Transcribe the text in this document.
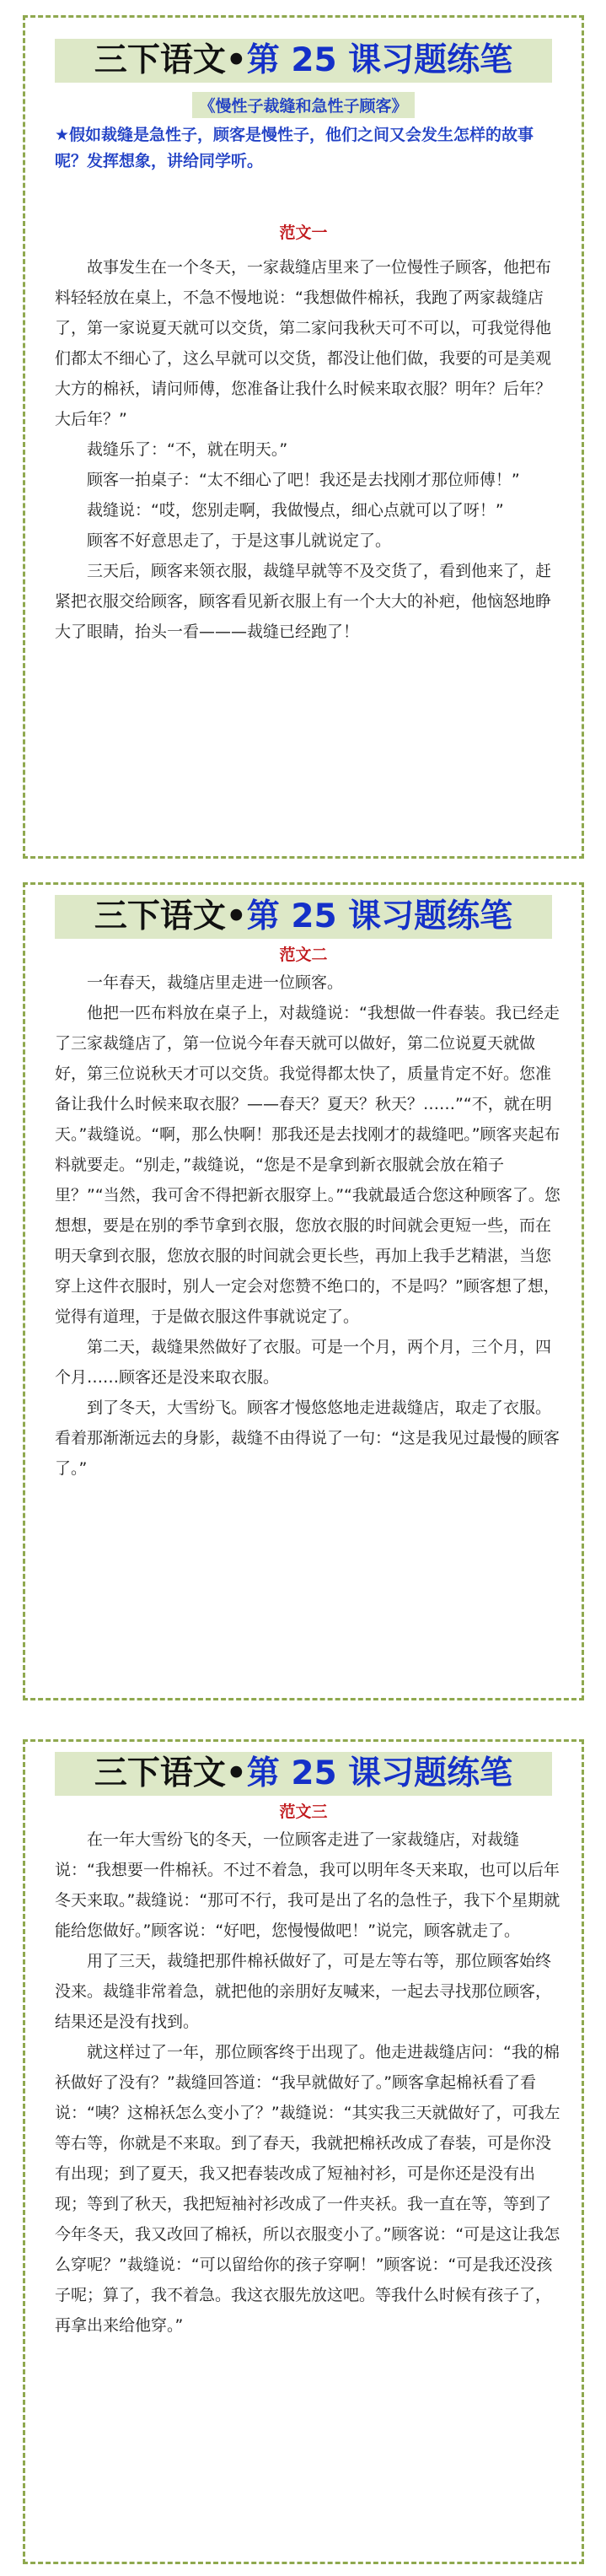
三下语文•第 25 课习题练笔
《慢性子裁缝和急性子顾客》
★假如裁缝是急性子，顾客是慢性子，他们之间又会发生怎样的故事呢？发挥想象，讲给同学听。
范文一

故事发生在一个冬天，一家裁缝店里来了一位慢性子顾客，他把布料轻轻放在桌上，不急不慢地说：“我想做件棉袄，我跑了两家裁缝店了，第一家说夏天就可以交货，第二家问我秋天可不可以，可我觉得他们都太不细心了，这么早就可以交货，都没让他们做，我要的可是美观大方的棉袄，请问师傅，您准备让我什么时候来取衣服？明年？后年？大后年？”

裁缝乐了：“不，就在明天。”

顾客一拍桌子：“太不细心了吧！我还是去找刚才那位师傅！”

裁缝说：“哎，您别走啊，我做慢点，细心点就可以了呀！”

顾客不好意思走了，于是这事儿就说定了。

三天后，顾客来领衣服，裁缝早就等不及交货了，看到他来了，赶紧把衣服交给顾客，顾客看见新衣服上有一个大大的补疤，他恼怒地睁大了眼睛，抬头一看———裁缝已经跑了！

三下语文•第 25 课习题练笔
范文二

一年春天，裁缝店里走进一位顾客。

他把一匹布料放在桌子上，对裁缝说：“我想做一件春装。我已经走了三家裁缝店了，第一位说今年春天就可以做好，第二位说夏天就做好，第三位说秋天才可以交货。我觉得都太快了，质量肯定不好。您准备让我什么时候来取衣服？——春天？夏天？秋天？……”“不，就在明天。”裁缝说。“啊，那么快啊！那我还是去找刚才的裁缝吧。”顾客夹起布料就要走。“别走，”裁缝说，“您是不是拿到新衣服就会放在箱子里？”“当然，我可舍不得把新衣服穿上。”“我就最适合您这种顾客了。您想想，要是在别的季节拿到衣服，您放衣服的时间就会更短一些，而在明天拿到衣服，您放衣服的时间就会更长些，再加上我手艺精湛，当您穿上这件衣服时，别人一定会对您赞不绝口的，不是吗？”顾客想了想，觉得有道理，于是做衣服这件事就说定了。

第二天，裁缝果然做好了衣服。可是一个月，两个月，三个月，四个月……顾客还是没来取衣服。

到了冬天，大雪纷飞。顾客才慢悠悠地走进裁缝店，取走了衣服。看着那渐渐远去的身影，裁缝不由得说了一句：“这是我见过最慢的顾客了。”

三下语文•第 25 课习题练笔
范文三

在一年大雪纷飞的冬天，一位顾客走进了一家裁缝店，对裁缝说：“我想要一件棉袄。不过不着急，我可以明年冬天来取，也可以后年冬天来取。”裁缝说：“那可不行，我可是出了名的急性子，我下个星期就能给您做好。”顾客说：“好吧，您慢慢做吧！”说完，顾客就走了。

用了三天，裁缝把那件棉袄做好了，可是左等右等，那位顾客始终没来。裁缝非常着急，就把他的亲朋好友喊来，一起去寻找那位顾客，结果还是没有找到。

就这样过了一年，那位顾客终于出现了。他走进裁缝店问：“我的棉袄做好了没有？”裁缝回答道：“我早就做好了。”顾客拿起棉袄看了看说：“咦？这棉袄怎么变小了？”裁缝说：“其实我三天就做好了，可我左等右等，你就是不来取。到了春天，我就把棉袄改成了春装，可是你没有出现；到了夏天，我又把春装改成了短袖衬衫，可是你还是没有出现；等到了秋天，我把短袖衬衫改成了一件夹袄。我一直在等，等到了今年冬天，我又改回了棉袄，所以衣服变小了。”顾客说：“可是这让我怎么穿呢？”裁缝说：“可以留给你的孩子穿啊！”顾客说：“可是我还没孩子呢；算了，我不着急。我这衣服先放这吧。等我什么时候有孩子了，再拿出来给他穿。”
